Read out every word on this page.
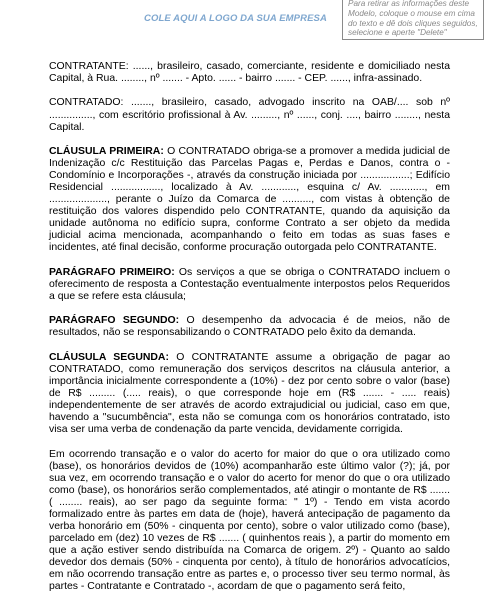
COLE AQUI A LOGO DA SUA EMPRESA
Para retirar as informações deste Modelo, coloque o mouse em cima do texto e dê dois cliques seguidos, selecione e aperte "Delete"

CONTRATANTE: ......, brasileiro, casado, comerciante, residente e domiciliado nesta Capital, à Rua. ........, nº ....... - Apto. ...... - bairro ....... - CEP. ......, infra-assinado.

CONTRATADO: ......., brasileiro, casado, advogado inscrito na OAB/.... sob nº ..............., com escritório profissional à Av. ........., nº ......, conj. ...., bairro ........, nesta Capital.

CLÁUSULA PRIMEIRA: O CONTRATADO obriga-se a promover a medida judicial de Indenização c/c Restituição das Parcelas Pagas e, Perdas e Danos, contra o - Condomínio e Incorporações -, através da construção iniciada por .................; Edifício Residencial ................., localizado à Av. ............, esquina c/ Av. ............, em ...................., perante o Juízo da Comarca de .........., com vistas à obtenção de restituição dos valores dispendido pelo CONTRATANTE, quando da aquisição da unidade autônoma no edifício supra, conforme Contrato a ser objeto da medida judicial acima mencionada, acompanhando o feito em todas as suas fases e incidentes, até final decisão, conforme procuração outorgada pelo CONTRATANTE.

PARÁGRAFO PRIMEIRO: Os serviços a que se obriga o CONTRATADO incluem o oferecimento de resposta a Contestação eventualmente interpostos pelos Requeridos a que se refere esta cláusula;

PARÁGRAFO SEGUNDO: O desempenho da advocacia é de meios, não de resultados, não se responsabilizando o CONTRATADO pelo êxito da demanda.

CLÁUSULA SEGUNDA: O CONTRATANTE assume a obrigação de pagar ao CONTRATADO, como remuneração dos serviços descritos na cláusula anterior, a importância inicialmente correspondente a (10%) - dez por cento sobre o valor (base) de R$ ......... (..... reais), o que corresponde hoje em (R$ ....... - ..... reais) independentemente de ser através de acordo extrajudicial ou judicial, caso em que, havendo a "sucumbência", esta não se comunga com os honorários contratado, isto visa ser uma verba de condenação da parte vencida, devidamente corrigida.

Em ocorrendo transação e o valor do acerto for maior do que o ora utilizado como (base), os honorários devidos de (10%) acompanharão este último valor (?); já, por sua vez, em ocorrendo transação e o valor do acerto for menor do que o ora utilizado como (base), os honorários serão complementados, até atingir o montante de R$ ....... ( ........ reais), ao ser pago da seguinte forma: " 1º) - Tendo em vista acordo formalizado entre às partes em data de (hoje), haverá antecipação de pagamento da verba honorário em (50% - cinquenta por cento), sobre o valor utilizado como (base), parcelado em (dez) 10 vezes de R$ ....... ( quinhentos reais ), a partir do momento em que a ação estiver sendo distribuída na Comarca de origem. 2º) - Quanto ao saldo devedor dos demais (50% - cinquenta por cento), à título de honorários advocatícios, em não ocorrendo transação entre as partes e, o processo tiver seu termo normal, às partes - Contratante e Contratado -, acordam de que o pagamento será feito,
